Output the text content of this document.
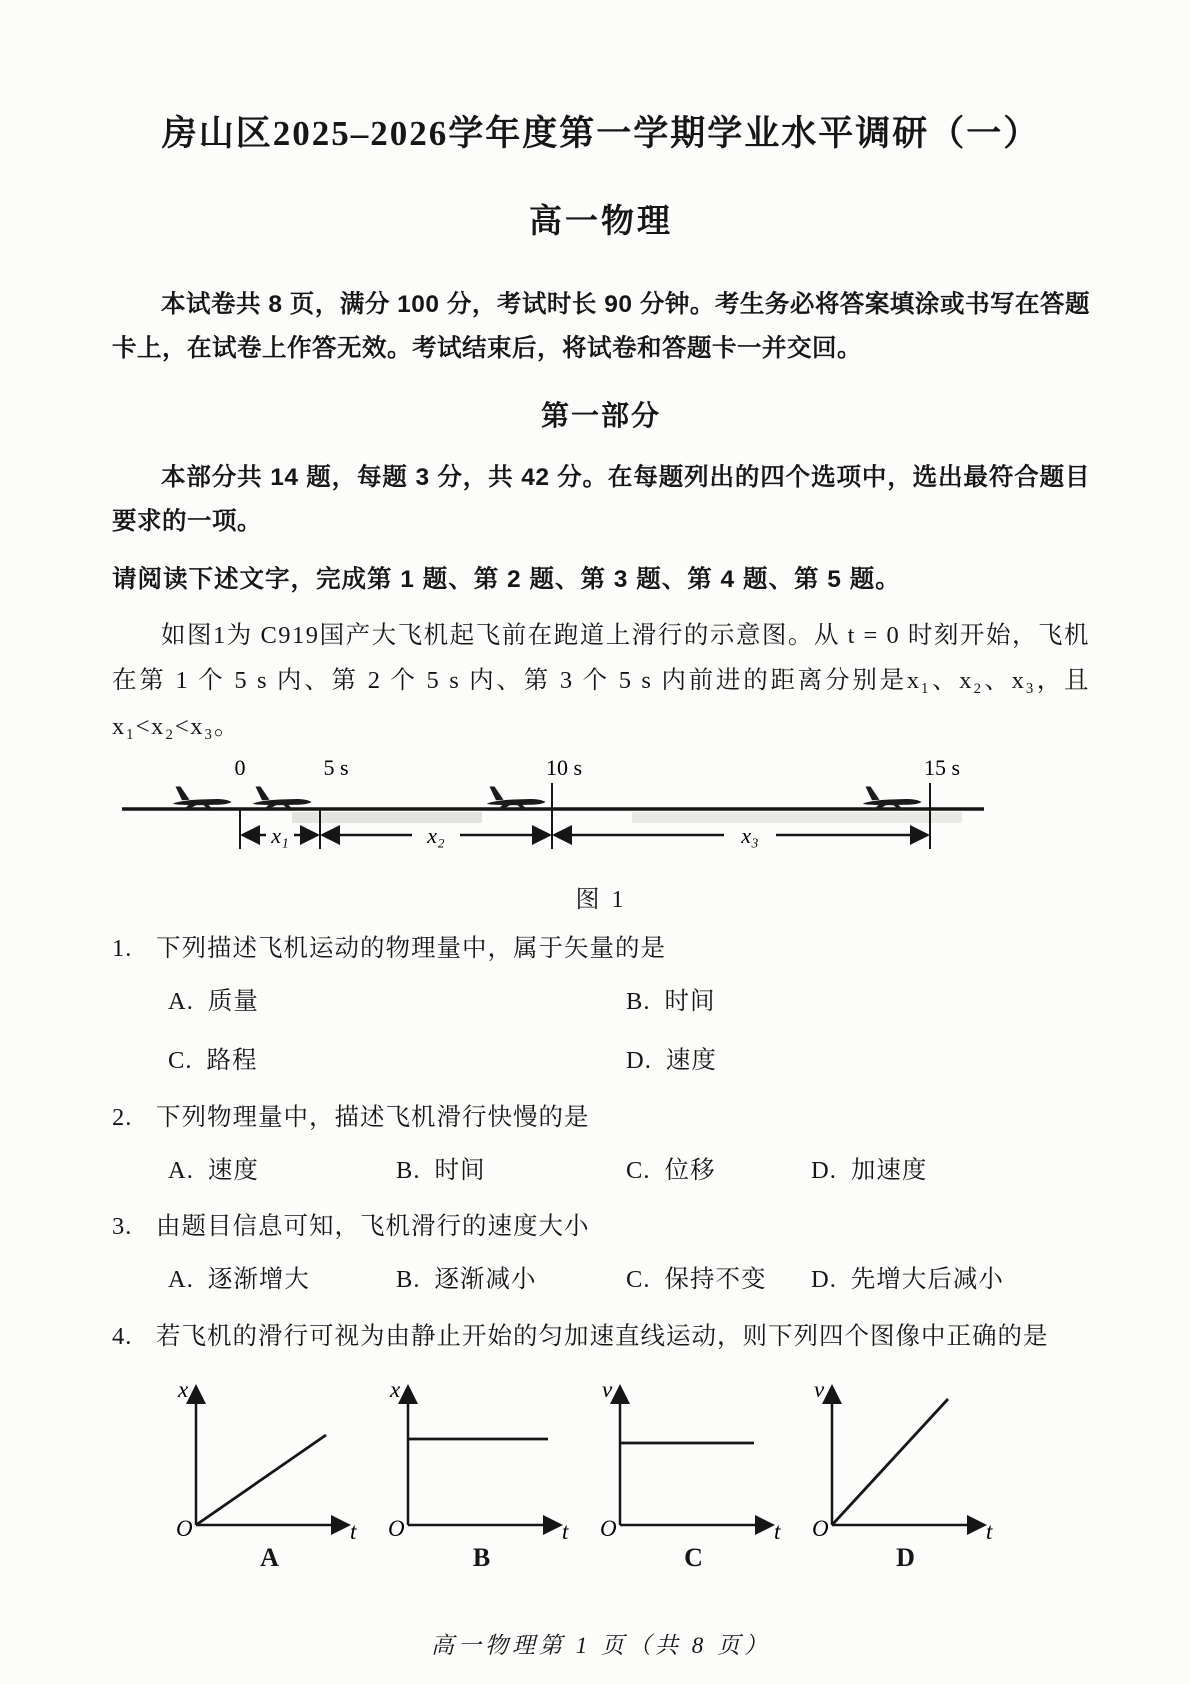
房山区2025–2026学年度第一学期学业水平调研（一）
高一物理

本试卷共 8 页，满分 100 分，考试时长 90 分钟。考生务必将答案填涂或书写在答题卡上，在试卷上作答无效。考试结束后，将试卷和答题卡一并交回。

第一部分

本部分共 14 题，每题 3 分，共 42 分。在每题列出的四个选项中，选出最符合题目要求的一项。

请阅读下述文字，完成第 1 题、第 2 题、第 3 题、第 4 题、第 5 题。

如图1为 C919国产大飞机起飞前在跑道上滑行的示意图。从 t = 0 时刻开始，飞机在第 1 个 5 s 内、第 2 个 5 s 内、第 3 个 5 s 内前进的距离分别是x₁、x₂、x₃，且x₁<x₂<x₃。

0	5 s	10 s	15 s
x₁	x₂	x₃
图 1
1. 下列描述飞机运动的物理量中，属于矢量的是
A. 质量	B. 时间
C. 路程	D. 速度
2. 下列物理量中，描述飞机滑行快慢的是
A. 速度	B. 时间	C. 位移	D. 加速度
3. 由题目信息可知，飞机滑行的速度大小
A. 逐渐增大	B. 逐渐减小	C. 保持不变	D. 先增大后减小
4. 若飞机的滑行可视为由静止开始的匀加速直线运动，则下列四个图像中正确的是
x
t
O
A
x
t
O
B
v
t
O
C
v
t
O
D
高一物理第 1 页（共 8 页）
